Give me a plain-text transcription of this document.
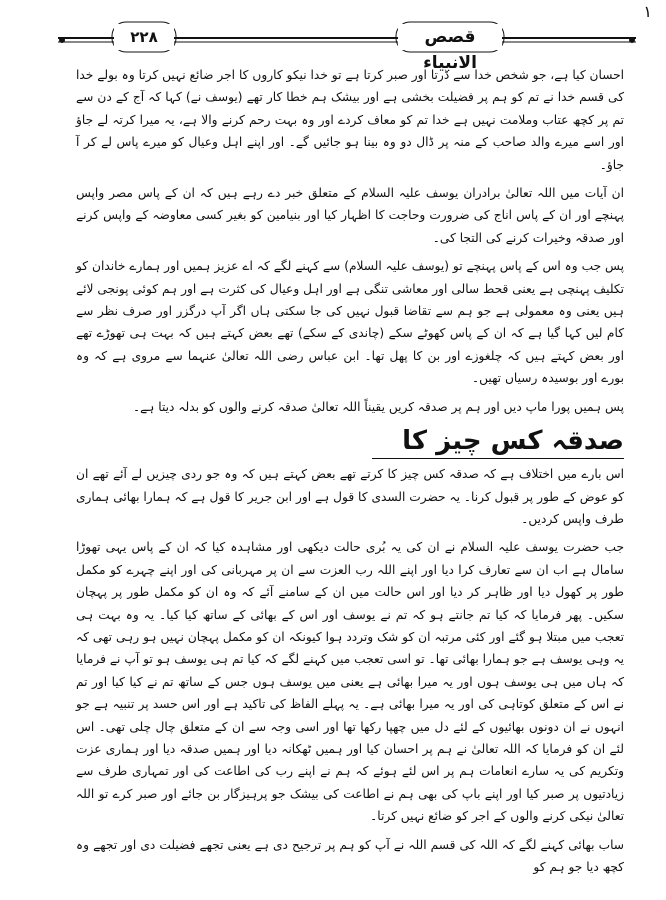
١
قصص الانبیاء
۲۲۸

احسان کیا ہے، جو شخص خدا سے ڈرتا اور صبر کرتا ہے تو خدا نیکو کاروں کا اجر ضائع نہیں کرتا وہ بولے خدا کی قسم خدا نے تم کو ہم پر فضیلت بخشی ہے اور بیشک ہم خطا کار تھے (یوسف نے) کہا کہ آج کے دن سے تم پر کچھ عتاب وملامت نہیں ہے خدا تم کو معاف کردے اور وہ بہت رحم کرنے والا ہے، یہ میرا کرتہ لے جاؤ اور اسے میرے والد صاحب کے منہ پر ڈال دو وہ بینا ہو جائیں گے۔ اور اپنے اہل وعیال کو میرے پاس لے کر آ جاؤ۔

ان آیات میں اللہ تعالیٰ برادران یوسف علیہ السلام کے متعلق خبر دے رہے ہیں کہ ان کے پاس مصر واپس پہنچے اور ان کے پاس اناج کی ضرورت وحاجت کا اظہار کیا اور بنیامین کو بغیر کسی معاوضہ کے واپس کرنے اور صدقہ وخیرات کرنے کی التجا کی۔

پس جب وہ اس کے پاس پہنچے تو (یوسف علیہ السلام) سے کہنے لگے کہ اے عزیز ہمیں اور ہمارے خاندان کو تکلیف پہنچی ہے یعنی قحط سالی اور معاشی تنگی ہے اور اہل وعیال کی کثرت ہے اور ہم کوئی پونجی لائے ہیں یعنی وہ معمولی ہے جو ہم سے تقاضا قبول نہیں کی جا سکتی ہاں اگر آپ درگزر اور صرف نظر سے کام لیں کہا گیا ہے کہ ان کے پاس کھوٹے سکے (چاندی کے سکے) تھے بعض کہتے ہیں کہ بہت ہی تھوڑے تھے اور بعض کہتے ہیں کہ چلغوزے اور بن کا پھل تھا۔ ابن عباس رضی اللہ تعالیٰ عنہما سے مروی ہے کہ وہ بورے اور بوسیدہ رسیاں تھیں۔

پس ہمیں پورا ماپ دیں اور ہم پر صدقہ کریں یقیناً اللہ تعالیٰ صدقہ کرنے والوں کو بدلہ دیتا ہے۔

صدقہ کس چیز کا

اس بارے میں اختلاف ہے کہ صدقہ کس چیز کا کرتے تھے بعض کہتے ہیں کہ وہ جو ردی چیزیں لے آئے تھے ان کو عوض کے طور پر قبول کرنا۔ یہ حضرت السدی کا قول ہے اور ابن جریر کا قول ہے کہ ہمارا بھائی ہماری طرف واپس کردیں۔

جب حضرت یوسف علیہ السلام نے ان کی یہ بُری حالت دیکھی اور مشاہدہ کیا کہ ان کے پاس یہی تھوڑا سامال ہے اب ان سے تعارف کرا دیا اور اپنے اللہ رب العزت سے ان پر مہربانی کی اور اپنے چہرے کو مکمل طور پر کھول دیا اور ظاہر کر دیا اور اس حالت میں ان کے سامنے آئے کہ وہ ان کو مکمل طور پر پہچان سکیں۔ پھر فرمایا کہ کیا تم جانتے ہو کہ تم نے یوسف اور اس کے بھائی کے ساتھ کیا کیا۔ یہ وہ بہت ہی تعجب میں مبتلا ہو گئے اور کئی مرتبہ ان کو شک وتردد ہوا کیونکہ ان کو مکمل پہچان نہیں ہو رہی تھی کہ یہ وہی یوسف ہے جو ہمارا بھائی تھا۔ تو اسی تعجب میں کہنے لگے کہ کیا تم ہی یوسف ہو تو آپ نے فرمایا کہ ہاں میں ہی یوسف ہوں اور یہ میرا بھائی ہے یعنی میں یوسف ہوں جس کے ساتھ تم نے کیا کیا اور تم نے اس کے متعلق کوتاہی کی اور یہ میرا بھائی ہے۔ یہ پہلے الفاظ کی تاکید ہے اور اس حسد پر تنبیہ ہے جو انہوں نے ان دونوں بھائیوں کے لئے دل میں چھپا رکھا تھا اور اسی وجہ سے ان کے متعلق چال چلی تھی۔ اس لئے ان کو فرمایا کہ اللہ تعالیٰ نے ہم پر احسان کیا اور ہمیں ٹھکانہ دیا اور ہمیں صدقہ دیا اور ہماری عزت وتکریم کی یہ سارے انعامات ہم پر اس لئے ہوئے کہ ہم نے اپنے رب کی اطاعت کی اور تمہاری طرف سے زیادتیوں پر صبر کیا اور اپنے باپ کی بھی ہم نے اطاعت کی بیشک جو پرہیزگار بن جائے اور صبر کرے تو اللہ تعالیٰ نیکی کرنے والوں کے اجر کو ضائع نہیں کرتا۔

ساب بھائی کہنے لگے کہ اللہ کی قسم اللہ نے آپ کو ہم پر ترجیح دی ہے یعنی تجھے فضیلت دی اور تجھے وہ کچھ دیا جو ہم کو
